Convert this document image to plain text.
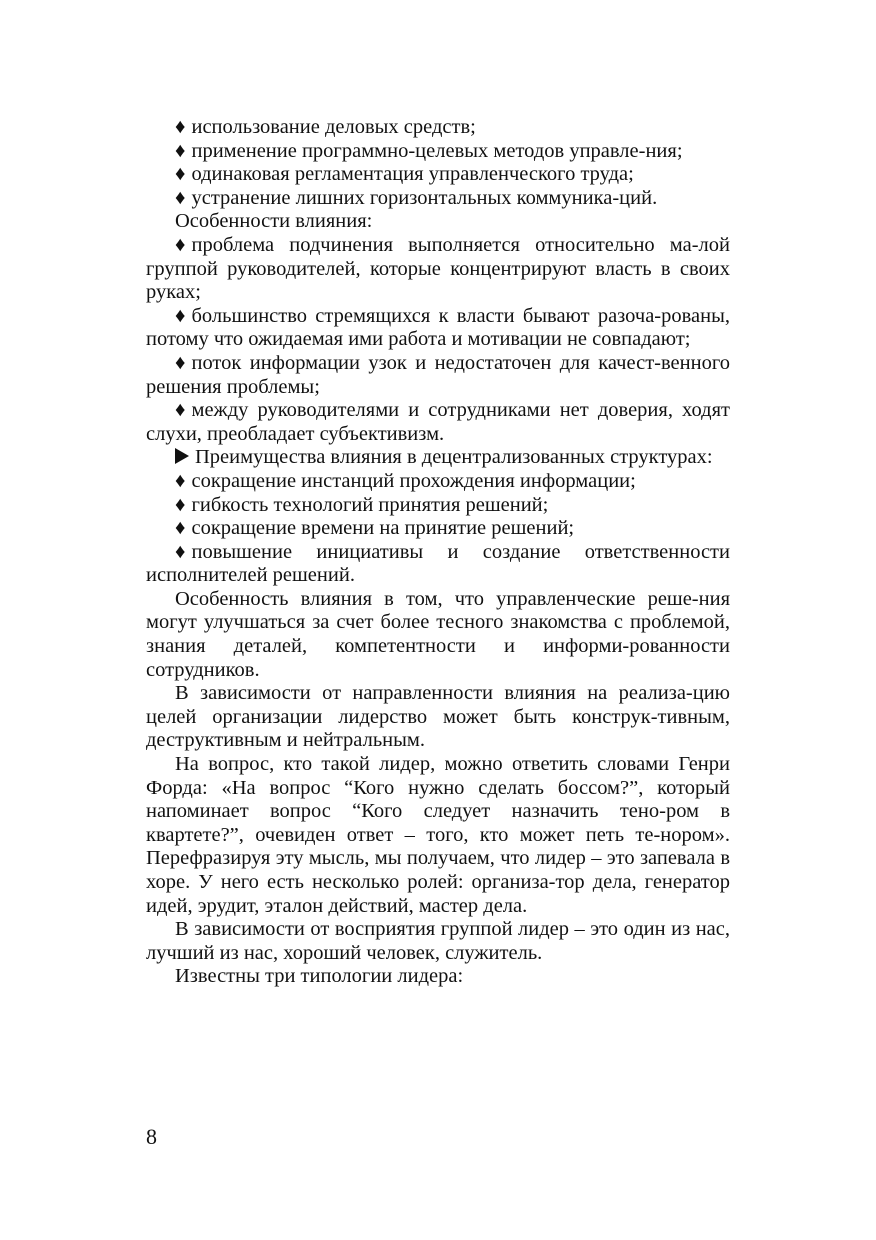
♦ использование деловых средств;

♦ применение программно-целевых методов управле-ния;

♦ одинаковая регламентация управленческого труда;

♦ устранение лишних горизонтальных коммуника-ций.

Особенности влияния:

♦ проблема подчинения выполняется относительно ма-лой группой руководителей, которые концентрируют власть в своих руках;

♦ большинство стремящихся к власти бывают разоча-рованы, потому что ожидаемая ими работа и мотивации не совпадают;

♦ поток информации узок и недостаточен для качест-венного решения проблемы;

♦ между руководителями и сотрудниками нет доверия, ходят слухи, преобладает субъективизм.

Преимущества влияния в децентрализованных структурах:

♦ сокращение инстанций прохождения информации;

♦ гибкость технологий принятия решений;

♦ сокращение времени на принятие решений;

♦ повышение инициативы и создание ответственности исполнителей решений.

Особенность влияния в том, что управленческие реше-ния могут улучшаться за счет более тесного знакомства с проблемой, знания деталей, компетентности и информи-рованности сотрудников.

В зависимости от направленности влияния на реализа-цию целей организации лидерство может быть конструк-тивным, деструктивным и нейтральным.

На вопрос, кто такой лидер, можно ответить словами Генри Форда: «На вопрос “Кого нужно сделать боссом?”, который напоминает вопрос “Кого следует назначить тено-ром в квартете?”, очевиден ответ – того, кто может петь те-нором». Перефразируя эту мысль, мы получаем, что лидер – это запевала в хоре. У него есть несколько ролей: организа-тор дела, генератор идей, эрудит, эталон действий, мастер дела.

В зависимости от восприятия группой лидер – это один из нас, лучший из нас, хороший человек, служитель.

Известны три типологии лидера:

8
